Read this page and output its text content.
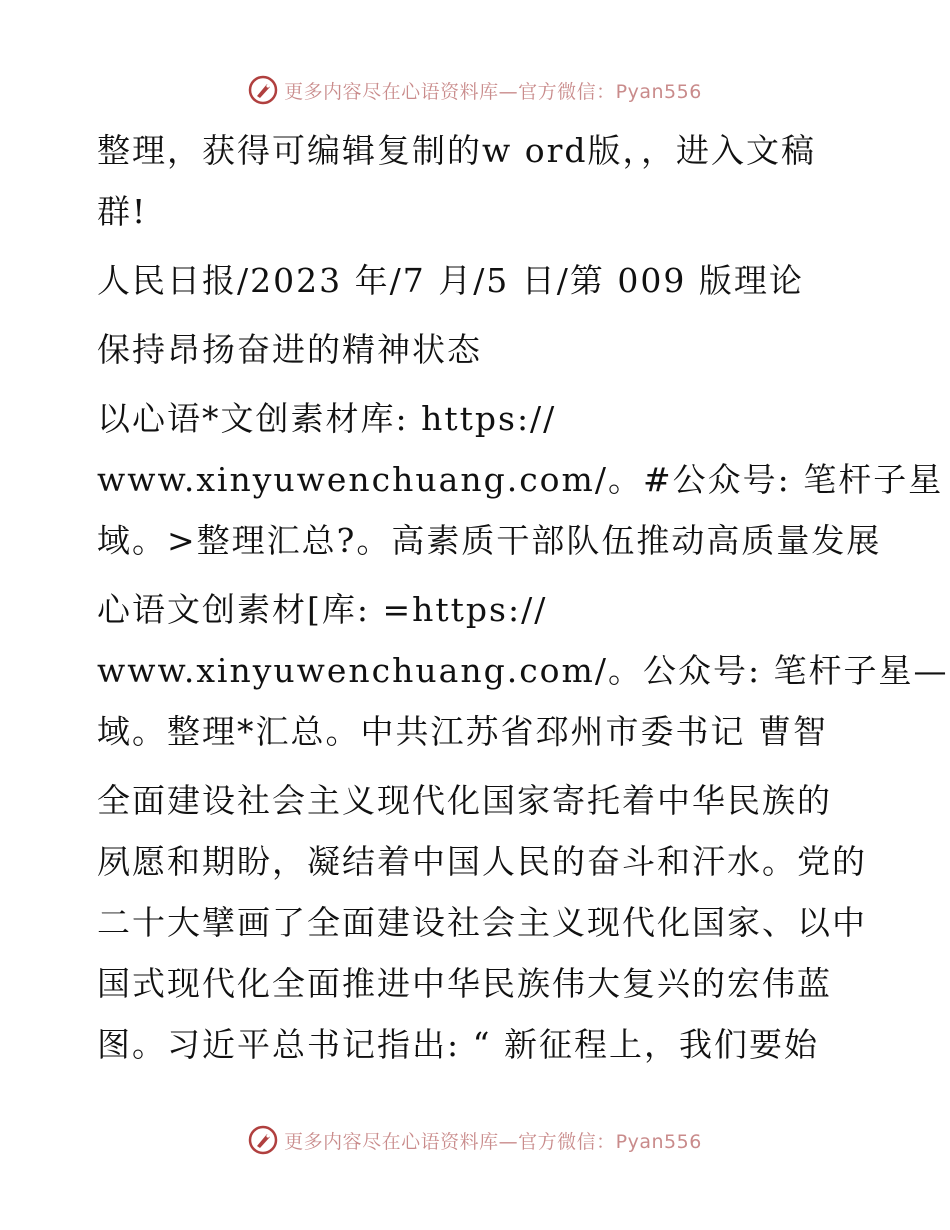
更多内容尽在心语资料库—官方微信：Pyan556

整理，获得可编辑复制的w ord版，，进入文稿

群!

人民日报/2023 年/7 月/5 日/第 009 版理论

保持昂扬奋进的精神状态

以心语*文创素材库: https://

www.xinyuwenchuang.com/。#公众号: 笔杆子星

域。>整理汇总?。高素质干部队伍推动高质量发展

心语文创素材[库: =https://

www.xinyuwenchuang.com/。公众号: 笔杆子星—

域。整理*汇总。中共江苏省邳州市委书记 曹智

全面建设社会主义现代化国家寄托着中华民族的

夙愿和期盼，凝结着中国人民的奋斗和汗水。党的

二十大擘画了全面建设社会主义现代化国家、以中

国式现代化全面推进中华民族伟大复兴的宏伟蓝

图。习近平总书记指出: “ 新征程上，我们要始

更多内容尽在心语资料库—官方微信：Pyan556
